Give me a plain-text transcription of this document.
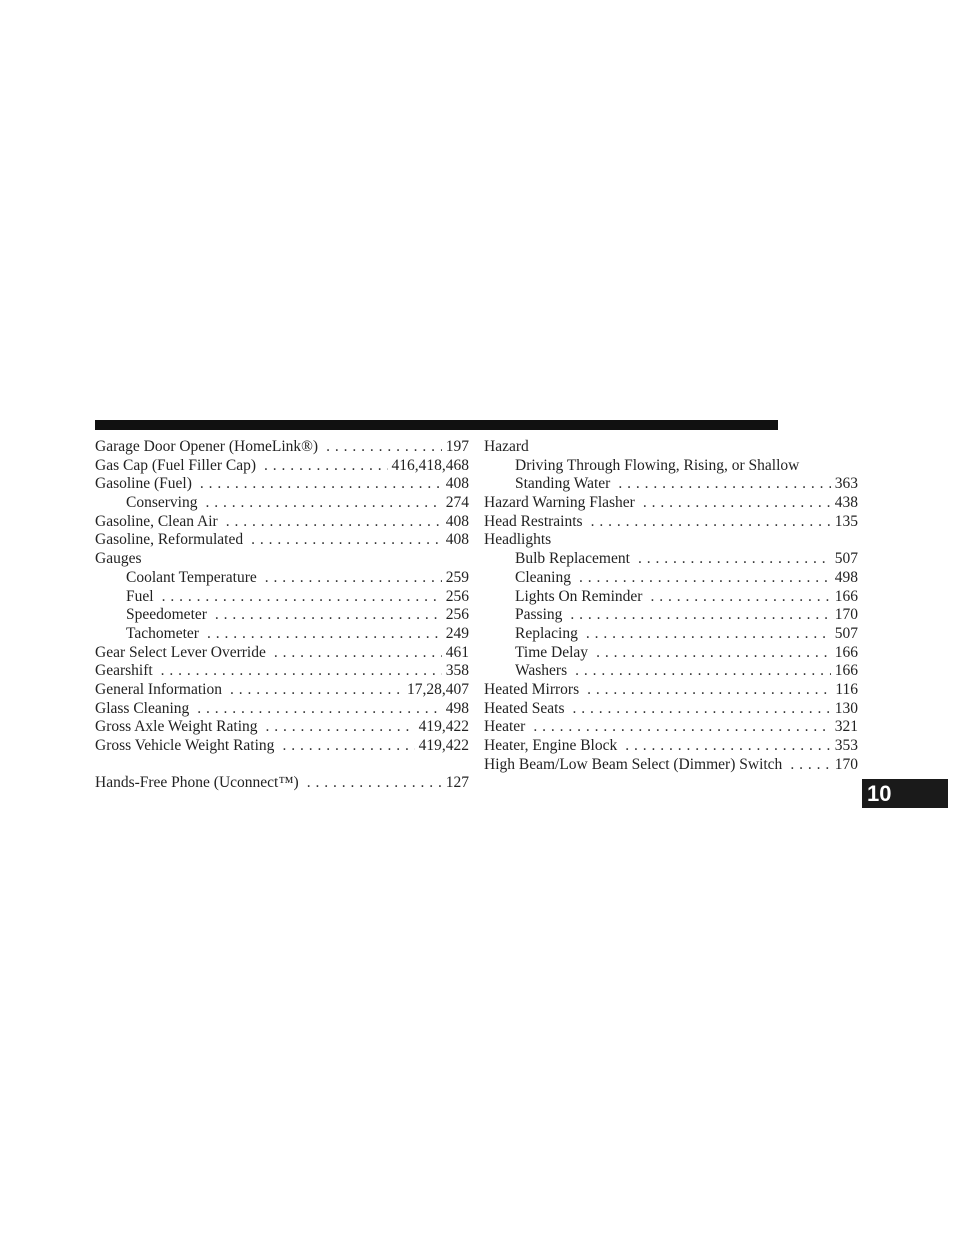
Garage Door Opener (HomeLink®) . . .	197
Gas Cap (Fuel Filler Cap) . . .	416,418,468
Gasoline (Fuel) . . .	408
Conserving . . .	274
Gasoline, Clean Air . . .	408
Gasoline, Reformulated . . .	408
Gauges
Coolant Temperature . . .	259
Fuel . . .	256
Speedometer . . .	256
Tachometer . . .	249
Gear Select Lever Override . . .	461
Gearshift . . .	358
General Information . . .	17,28,407
Glass Cleaning . . .	498
Gross Axle Weight Rating . . .	419,422
Gross Vehicle Weight Rating . . .	419,422
Hands-Free Phone (Uconnect™) . . .	127
Hazard
Driving Through Flowing, Rising, or Shallow
Standing Water . . .	363
Hazard Warning Flasher . . .	438
Head Restraints . . .	135
Headlights
Bulb Replacement . . .	507
Cleaning . . .	498
Lights On Reminder . . .	166
Passing . . .	170
Replacing . . .	507
Time Delay . . .	166
Washers . . .	166
Heated Mirrors . . .	116
Heated Seats . . .	130
Heater . . .	321
Heater, Engine Block . . .	353
High Beam/Low Beam Select (Dimmer) Switch . . .	170
10
